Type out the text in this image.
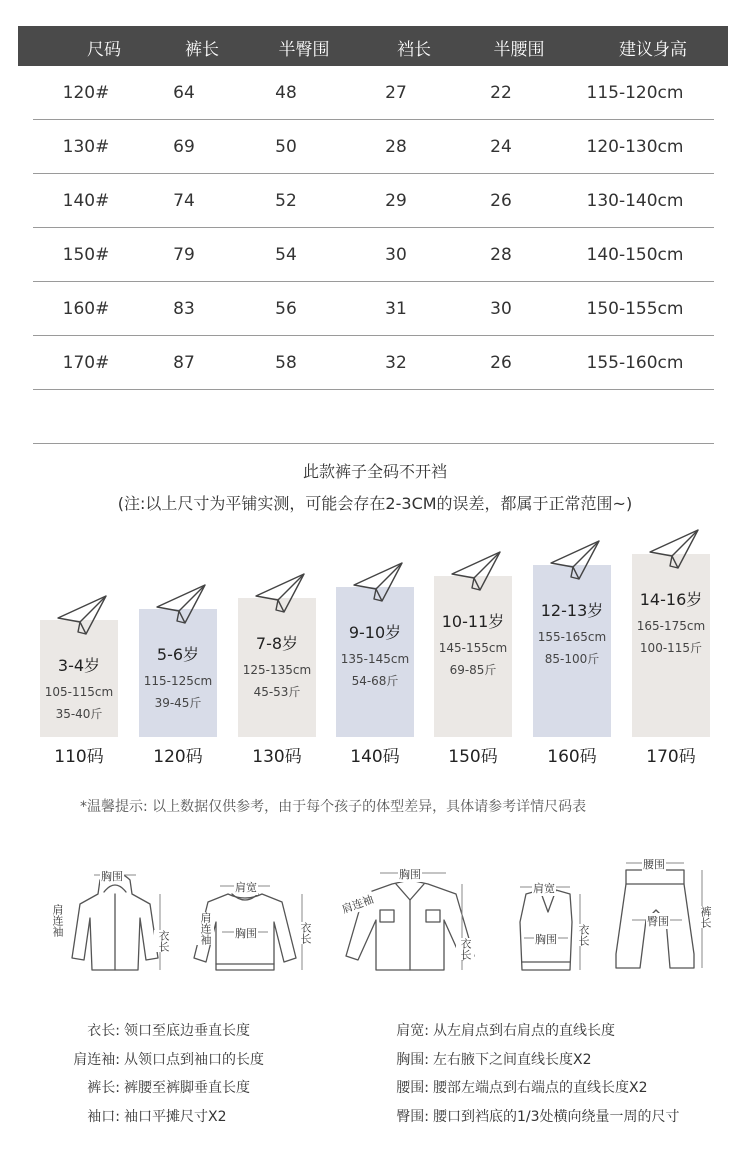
尺码	裤长	半臀围	裆长	半腰围	建议身高
120#	64	48	27	22	115-120cm
130#	69	50	28	24	120-130cm
140#	74	52	29	26	130-140cm
150#	79	54	30	28	140-150cm
160#	83	56	31	30	150-155cm
170#	87	58	32	26	155-160cm
此款裤子全码不开裆
(注:以上尺寸为平铺实测，可能会存在2-3CM的误差，都属于正常范围~)
3-4岁
105-115cm
35-40斤
110码
5-6岁
115-125cm
39-45斤
120码
7-8岁
125-135cm
45-53斤
130码
9-10岁
135-145cm
54-68斤
140码
10-11岁
145-155cm
69-85斤
150码
12-13岁
155-165cm
85-100斤
160码
14-16岁
165-175cm
100-115斤
170码
*温馨提示: 以上数据仅供参考，由于每个孩子的体型差异，具体请参考详情尺码表
胸围
肩连袖
衣长
肩宽
肩连袖 胸围	衣长
胸围
肩连袖
衣长
肩宽
胸围 衣长
腰围
臀围	裤长
衣长: 领口至底边垂直长度
肩连袖: 从领口点到袖口的长度
裤长: 裤腰至裤脚垂直长度
袖口: 袖口平摊尺寸X2
肩宽: 从左肩点到右肩点的直线长度
胸围: 左右腋下之间直线长度X2
腰围: 腰部左端点到右端点的直线长度X2
臀围: 腰口到裆底的1/3处横向绕量一周的尺寸
